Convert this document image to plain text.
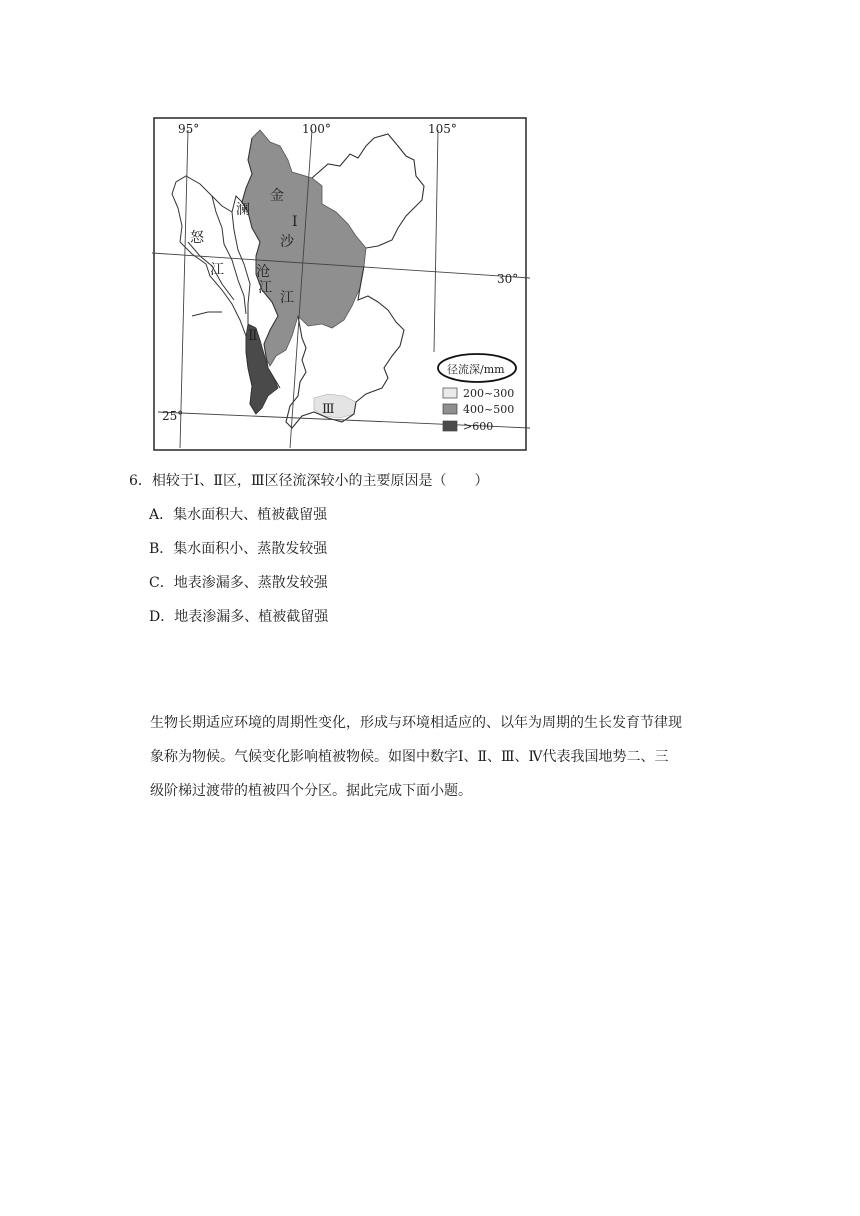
95°	100°	105°
30°
25°
金
沙
江
澜
沧
江
怒
江
Ⅰ
Ⅱ
Ⅲ
径流深/mm
200~300
400~500
>600

6．相较于Ⅰ、Ⅱ区，Ⅲ区径流深较小的主要原因是（　　）

A．集水面积大、植被截留强

B．集水面积小、蒸散发较强

C．地表渗漏多、蒸散发较强

D．地表渗漏多、植被截留强

生物长期适应环境的周期性变化，形成与环境相适应的、以年为周期的生长发育节律现
象称为物候。气候变化影响植被物候。如图中数字Ⅰ、Ⅱ、Ⅲ、Ⅳ代表我国地势二、三
级阶梯过渡带的植被四个分区。据此完成下面小题。
